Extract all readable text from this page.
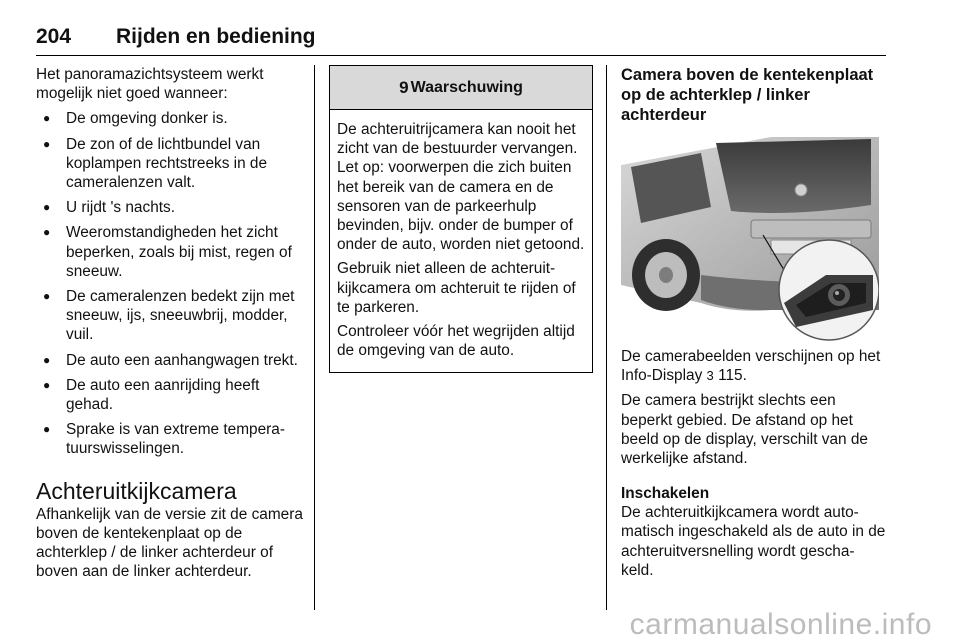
204 Rijden en bediening

Het panoramazichtsysteem werkt mogelijk niet goed wanneer:

● De omgeving donker is.
● De zon of de lichtbundel van koplampen rechtstreeks in de cameralenzen valt.
● U rijdt 's nachts.
● Weeromstandigheden het zicht beperken, zoals bij mist, regen of sneeuw.
● De cameralenzen bedekt zijn met sneeuw, ijs, sneeuwbrij, modder, vuil.
● De auto een aanhangwagen trekt.
● De auto een aanrijding heeft gehad.
● Sprake is van extreme tempera- tuurswisselingen.
Achteruitkijkcamera

Afhankelijk van de versie zit de camera boven de kentekenplaat op de achterklep / de linker achterdeur of boven aan de linker achterdeur.

9 Waarschuwing

De achteruitrijcamera kan nooit het zicht van de bestuurder vervangen. Let op: voorwerpen die zich buiten het bereik van de camera en de sensoren van de parkeerhulp bevinden, bijv. onder de bumper of onder de auto, worden niet getoond.

Gebruik niet alleen de achteruit- kijkcamera om achteruit te rijden of te parkeren.

Controleer vóór het wegrijden altijd de omgeving van de auto.

Camera boven de kentekenplaat op de achterklep / linker achterdeur

De camerabeelden verschijnen op het Info-Display 3 115.

De camera bestrijkt slechts een beperkt gebied. De afstand op het beeld op de display, verschilt van de werkelijke afstand.

Inschakelen

De achteruitkijkcamera wordt auto- matisch ingeschakeld als de auto in de achteruitversnelling wordt gescha- keld.

carmanualsonline.info
